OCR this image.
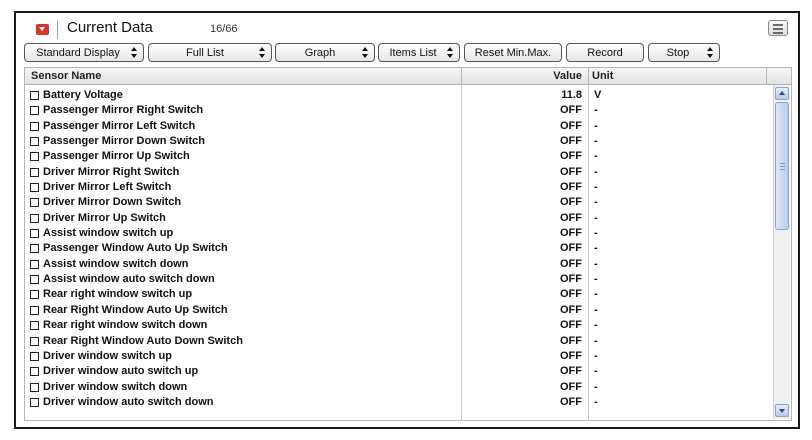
Current Data	16/66
Standard Display	Full List	Graph	Items List	Reset Min.Max.	Record	Stop
Sensor Name	Value Unit
Battery Voltage	11.8 V
Passenger Mirror Right Switch	OFF -
Passenger Mirror Left Switch	OFF -
Passenger Mirror Down Switch	OFF -
Passenger Mirror Up Switch	OFF -
Driver Mirror Right Switch	OFF -
Driver Mirror Left Switch	OFF -
Driver Mirror Down Switch	OFF -
Driver Mirror Up Switch	OFF -
Assist window switch up	OFF -
Passenger Window Auto Up Switch	OFF -
Assist window switch down	OFF -
Assist window auto switch down	OFF -
Rear right window switch up	OFF -
Rear Right Window Auto Up Switch	OFF -
Rear right window switch down	OFF -
Rear Right Window Auto Down Switch	OFF -
Driver window switch up	OFF -
Driver window auto switch up	OFF -
Driver window switch down	OFF -
Driver window auto switch down	OFF -
